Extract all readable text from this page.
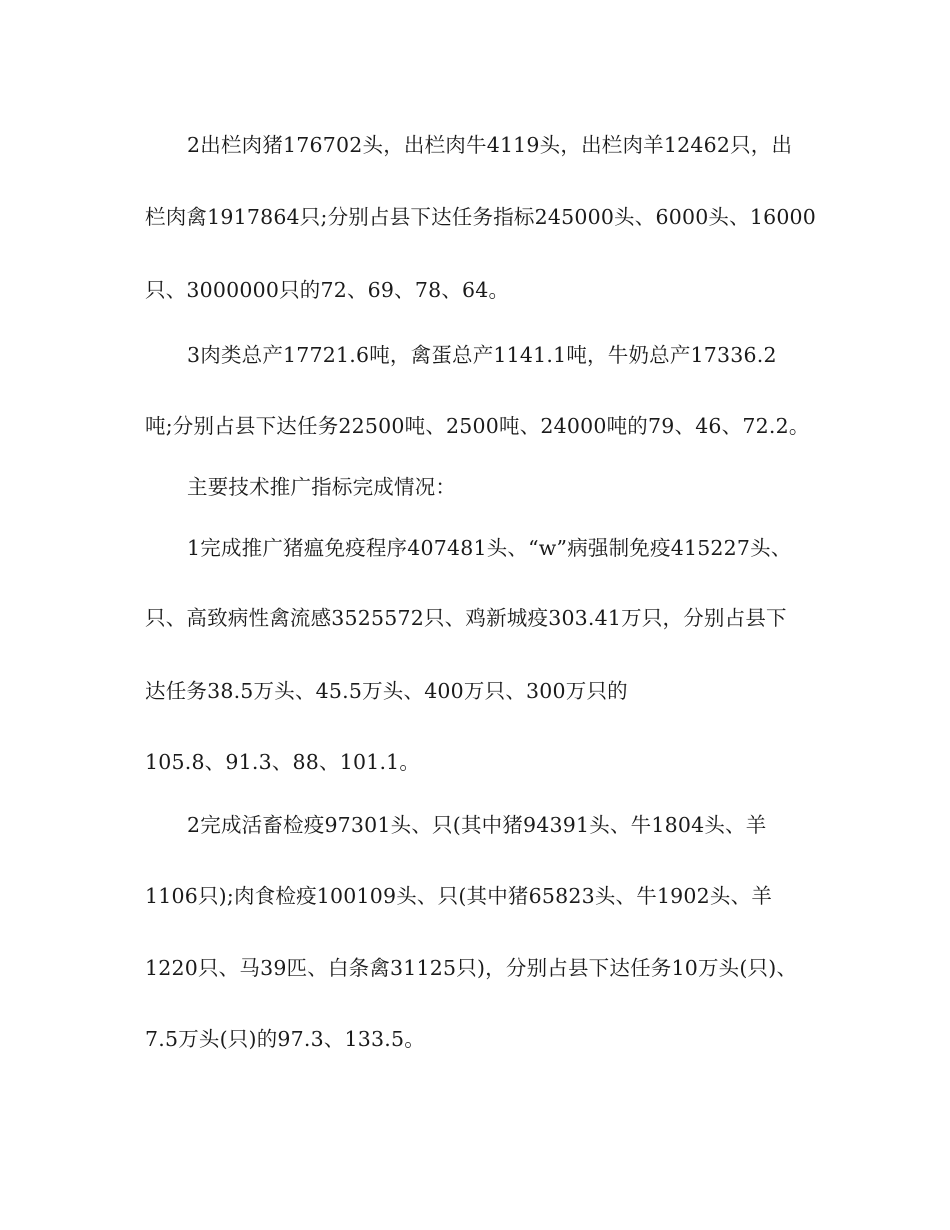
2出栏肉猪176702头，出栏肉牛4119头，出栏肉羊12462只，出
栏肉禽1917864只;分别占县下达任务指标245000头、6000头、16000
只、3000000只的72、69、78、64。
3肉类总产17721.6吨，禽蛋总产1141.1吨，牛奶总产17336.2
吨;分别占县下达任务22500吨、2500吨、24000吨的79、46、72.2。
主要技术推广指标完成情况：
1完成推广猪瘟免疫程序407481头、“w”病强制免疫415227头、
只、高致病性禽流感3525572只、鸡新城疫303.41万只，分别占县下
达任务38.5万头、45.5万头、400万只、300万只的
105.8、91.3、88、101.1。
2完成活畜检疫97301头、只(其中猪94391头、牛1804头、羊
1106只);肉食检疫100109头、只(其中猪65823头、牛1902头、羊
1220只、马39匹、白条禽31125只)，分别占县下达任务10万头(只)、
7.5万头(只)的97.3、133.5。
